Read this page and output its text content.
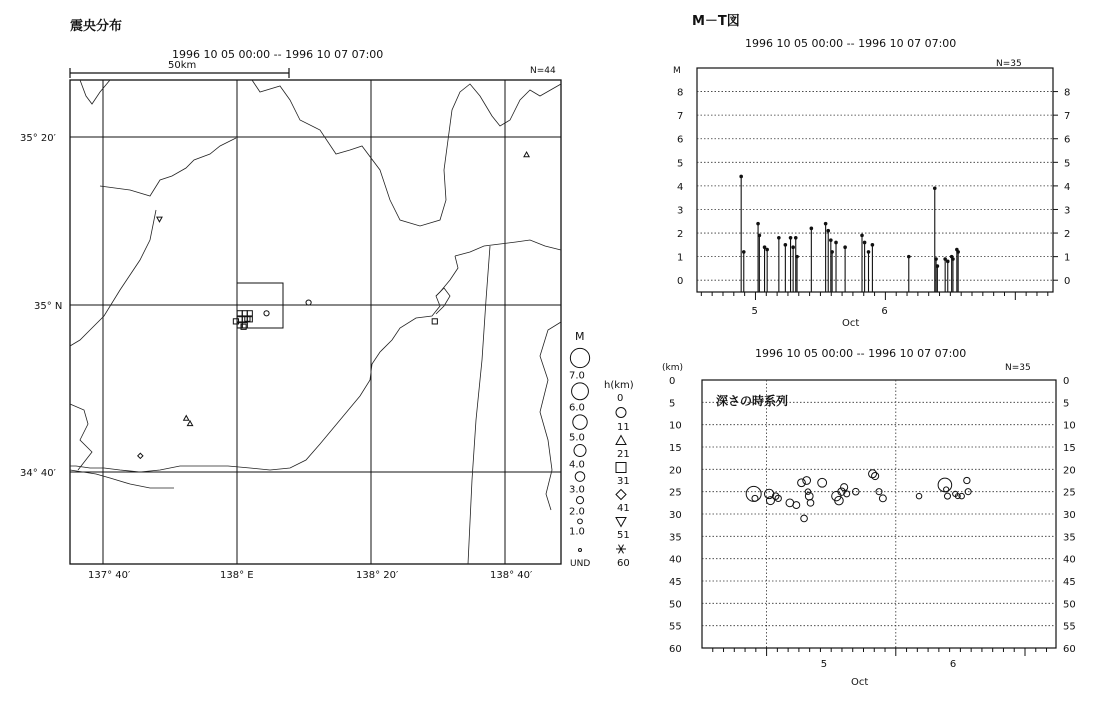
震央分布
1996 10 05 00:00 -- 1996 10 07 07:00
N=44
50km
35° 20′
35° N
34° 40′
137° 40′	138° E	138° 20′	138° 40′
M
7.0
6.0
5.0
4.0
3.0
2.0
1.0
UND
h(km)
0
11
21
31
41
51
60
M－T図
1996 10 05 00:00 -- 1996 10 07 07:00
N=35
M
0	0
1	1
2	2
3	3
4	4
5	5
6	6
7	7
8	8
5	6
Oct
1996 10 05 00:00 -- 1996 10 07 07:00
N=35
(km)
0	0
5	5
10	10
15	15
20	20
25	25
30	30
35	35
40	40
45	45
50	50
55	55
60	60
5	6
深さの時系列
Oct
